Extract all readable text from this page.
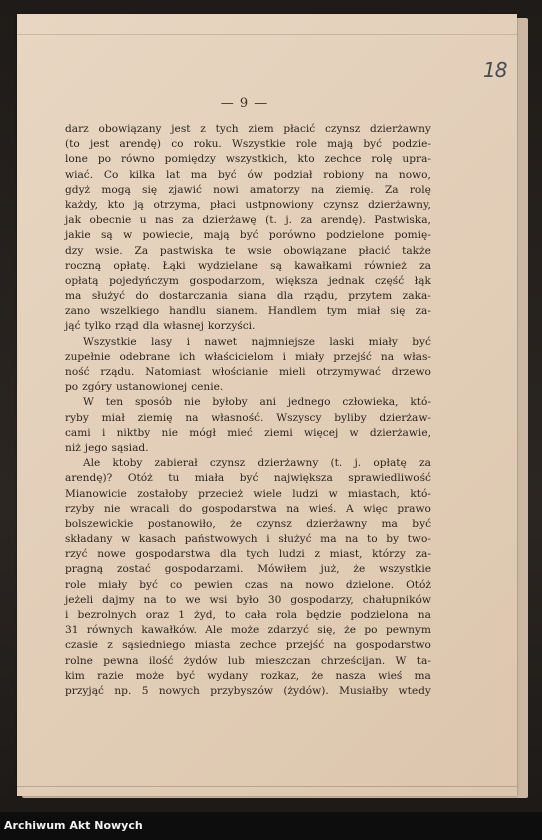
18
— 9 —
darz obowiązany jest z tych ziem płacić czynsz dzierżawny
(to jest arendę) co roku. Wszystkie role mają być podzie-
lone po równo pomiędzy wszystkich, kto zechce rolę upra-
wiać. Co kilka lat ma być ów podział robiony na nowo,
gdyż mogą się zjawić nowi amatorzy na ziemię. Za rolę
każdy, kto ją otrzyma, płaci ustpnowiony czynsz dzierżawny,
jak obecnie u nas za dzierżawę (t. j. za arendę). Pastwiska,
jakie są w powiecie, mają być porówno podzielone pomię-
dzy wsie. Za pastwiska te wsie obowiązane płacić także
roczną opłatę. Łąki wydzielane są kawałkami również za
opłatą pojedyńczym gospodarzom, większa jednak część łąk
ma służyć do dostarczania siana dla rządu, przytem zaka-
zano wszelkiego handlu sianem. Handlem tym miał się za-
jąć tylko rząd dla własnej korzyści.
Wszystkie lasy i nawet najmniejsze laski miały być
zupełnie odebrane ich właścicielom i miały przejść na włas-
ność rządu. Natomiast włościanie mieli otrzymywać drzewo
po zgóry ustanowionej cenie.
W ten sposób nie byłoby ani jednego człowieka, któ-
ryby miał ziemię na własność. Wszyscy byliby dzierżaw-
cami i niktby nie mógł mieć ziemi więcej w dzierżawie,
niż jego sąsiad.
Ale ktoby zabierał czynsz dzierżawny (t. j. opłatę za
arendę)? Otóż tu miała być największa sprawiedliwość
Mianowicie zostałoby przecież wiele ludzi w miastach, któ-
rzyby nie wracali do gospodarstwa na wieś. A więc prawo
bolszewickie postanowiło, że czynsz dzierżawny ma być
składany w kasach państwowych i służyć ma na to by two-
rzyć nowe gospodarstwa dla tych ludzi z miast, którzy za-
pragną zostać gospodarzami. Mówiłem już, że wszystkie
role miały być co pewien czas na nowo dzielone. Otóż
jeżeli dajmy na to we wsi było 30 gospodarzy, chałupników
i bezrolnych oraz 1 żyd, to cała rola będzie podzielona na
31 równych kawałków. Ale może zdarzyć się, że po pewnym
czasie z sąsiedniego miasta zechce przejść na gospodarstwo
rolne pewna ilość żydów lub mieszczan chrześcijan. W ta-
kim razie może być wydany rozkaz, że nasza wieś ma
przyjąć np. 5 nowych przybyszów (żydów). Musiałby wtedy
Archiwum Akt Nowych
